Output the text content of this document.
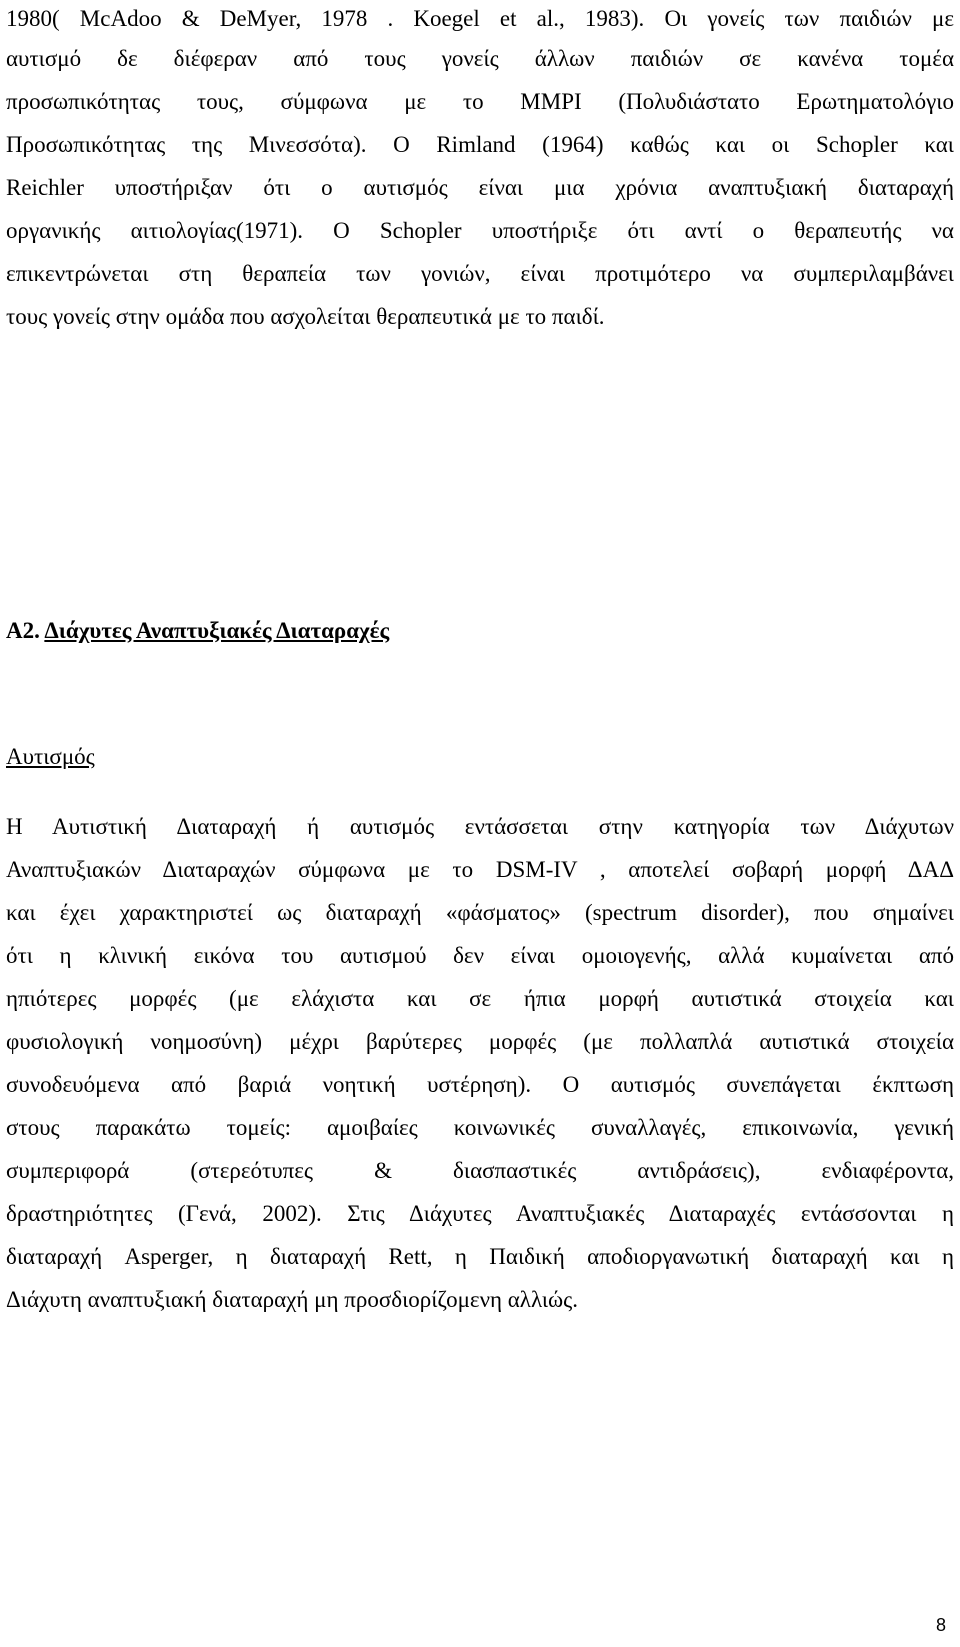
1980( McAdoo & DeMyer, 1978 . Koegel et al., 1983). Οι γονείς των παιδιών με
αυτισμό δε διέφεραν από τους γονείς άλλων παιδιών σε κανένα τομέα
προσωπικότητας τους, σύμφωνα με το ΜΜΡΙ (Πολυδιάστατο Ερωτηματολόγιο
Προσωπικότητας της Μινεσσότα). Ο Rimland (1964) καθώς και οι Schopler και
Reichler υποστήριξαν ότι ο αυτισμός είναι μια χρόνια αναπτυξιακή διαταραχή
οργανικής αιτιολογίας(1971). Ο Schopler υποστήριξε ότι αντί ο θεραπευτής να
επικεντρώνεται στη θεραπεία των γονιών, είναι προτιμότερο να συμπεριλαμβάνει
τους γονείς στην ομάδα που ασχολείται θεραπευτικά με το παιδί.
Α2. Διάχυτες Αναπτυξιακές Διαταραχές
Αυτισμός
Η Αυτιστική Διαταραχή ή αυτισμός εντάσσεται στην κατηγορία των Διάχυτων
Αναπτυξιακών Διαταραχών σύμφωνα με το DSM-IV , αποτελεί σοβαρή μορφή ΔΑΔ
και έχει χαρακτηριστεί ως διαταραχή «φάσματος» (spectrum disorder), που σημαίνει
ότι η κλινική εικόνα του αυτισμού δεν είναι ομοιογενής, αλλά κυμαίνεται από
ηπιότερες μορφές (με ελάχιστα και σε ήπια μορφή αυτιστικά στοιχεία και
φυσιολογική νοημοσύνη) μέχρι βαρύτερες μορφές (με πολλαπλά αυτιστικά στοιχεία
συνοδευόμενα από βαριά νοητική υστέρηση). Ο αυτισμός συνεπάγεται έκπτωση
στους παρακάτω τομείς: αμοιβαίες κοινωνικές συναλλαγές, επικοινωνία, γενική
συμπεριφορά (στερεότυπες & διασπαστικές αντιδράσεις), ενδιαφέροντα,
δραστηριότητες (Γενά, 2002). Στις Διάχυτες Αναπτυξιακές Διαταραχές εντάσσονται η
διαταραχή Asperger, η διαταραχή Rett, η Παιδική αποδιοργανωτική διαταραχή και η
Διάχυτη αναπτυξιακή διαταραχή μη προσδιορίζομενη αλλιώς.
8
